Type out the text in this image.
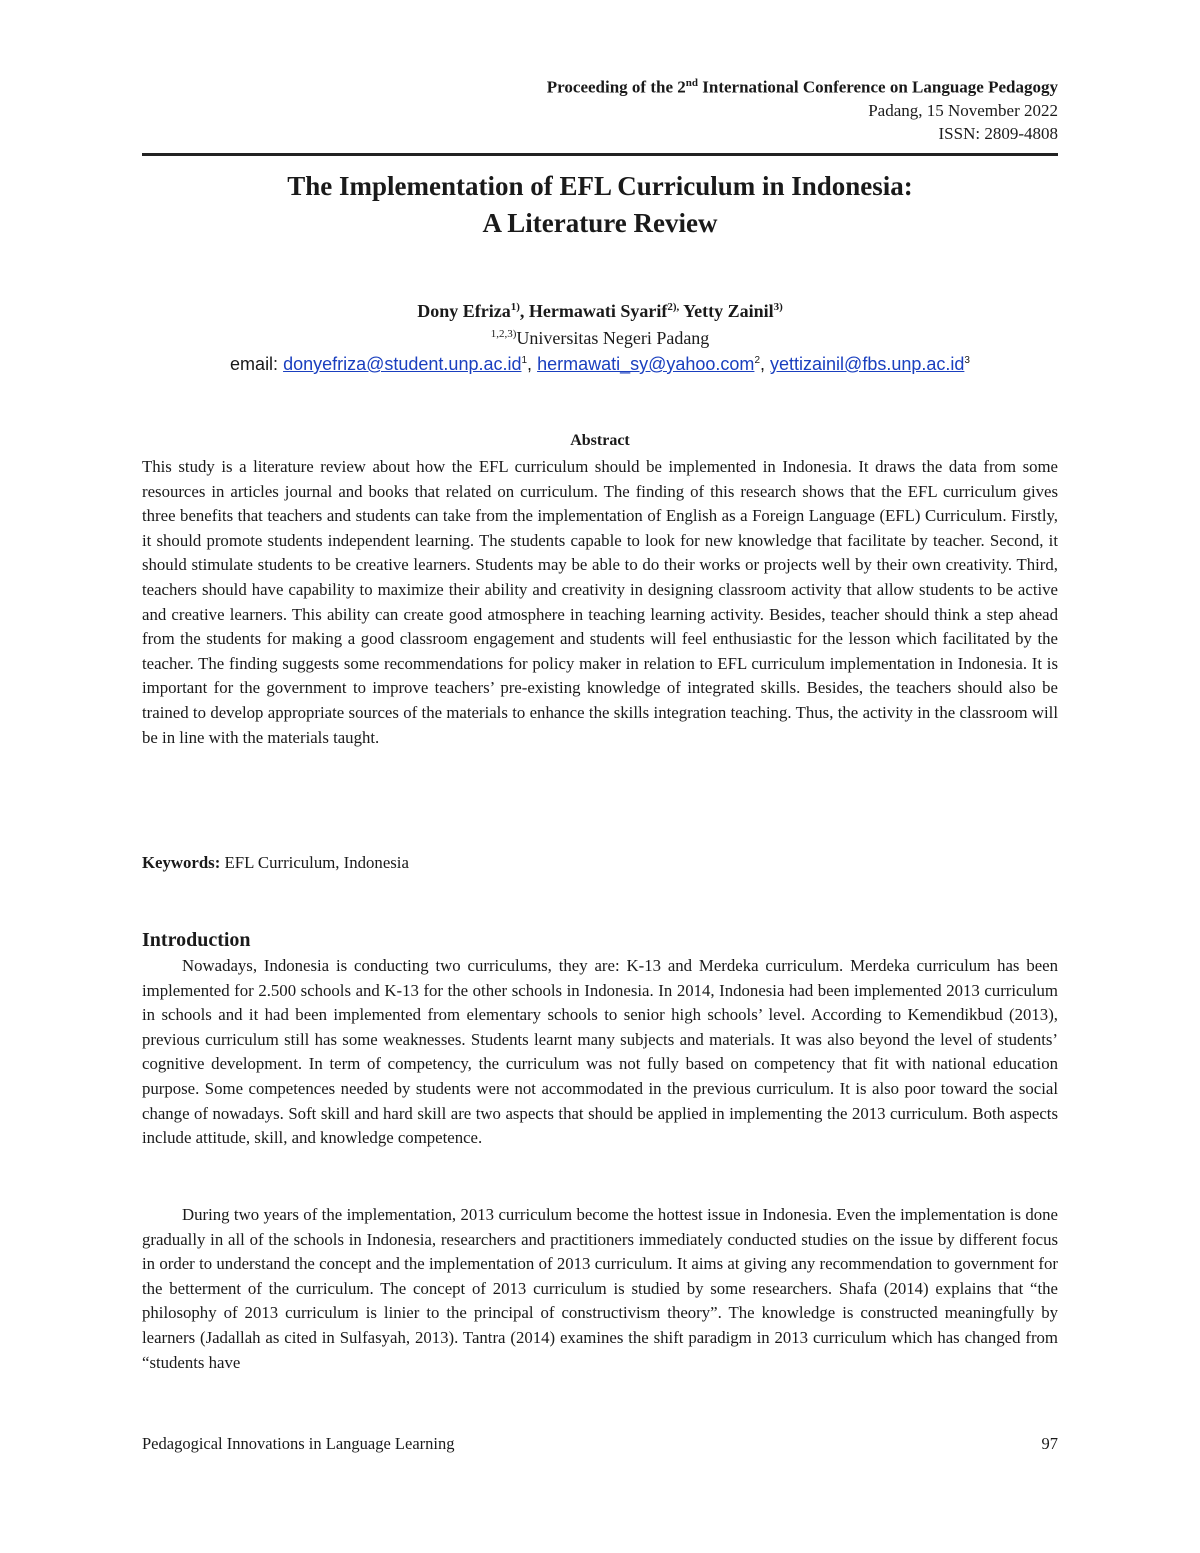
Proceeding of the 2nd International Conference on Language Pedagogy
Padang, 15 November 2022
ISSN: 2809-4808
The Implementation of EFL Curriculum in Indonesia:
A Literature Review
Dony Efriza$^{1)}$, Hermawati Syarif$^{2),}$ Yetty Zainil$^{3)}$
$^{1,2,3)}$Universitas Negeri Padang
email: $donyefriza@student.unp.ac.id^1$, hermawati_sy@yahoo.com$^2$, $yettizainil@fbs.unp.ac.id^3$
Abstract

This study is a literature review about how the EFL curriculum should be implemented in Indonesia. It draws the data from some resources in articles journal and books that related on curriculum. The finding of this research shows that the EFL curriculum gives three benefits that teachers and students can take from the implementation of English as a Foreign Language (EFL) Curriculum. Firstly, it should promote students independent learning. The students capable to look for new knowledge that facilitate by teacher. Second, it should stimulate students to be creative learners. Students may be able to do their works or projects well by their own creativity. Third, teachers should have capability to maximize their ability and creativity in designing classroom activity that allow students to be active and creative learners. This ability can create good atmosphere in teaching learning activity. Besides, teacher should think a step ahead from the students for making a good classroom engagement and students will feel enthusiastic for the lesson which facilitated by the teacher. The finding suggests some recommendations for policy maker in relation to EFL curriculum implementation in Indonesia. It is important for the government to improve teachers’ pre-existing knowledge of integrated skills. Besides, the teachers should also be trained to develop appropriate sources of the materials to enhance the skills integration teaching. Thus, the activity in the classroom will be in line with the materials taught.

Keywords: EFL Curriculum, Indonesia
Introduction

Nowadays, Indonesia is conducting two curriculums, they are: K-13 and Merdeka curriculum. Merdeka curriculum has been implemented for 2.500 schools and K-13 for the other schools in Indonesia. In 2014, Indonesia had been implemented 2013 curriculum in schools and it had been implemented from elementary schools to senior high schools’ level. According to Kemendikbud (2013), previous curriculum still has some weaknesses. Students learnt many subjects and materials. It was also beyond the level of students’ cognitive development. In term of competency, the curriculum was not fully based on competency that fit with national education purpose. Some competences needed by students were not accommodated in the previous curriculum. It is also poor toward the social change of nowadays. Soft skill and hard skill are two aspects that should be applied in implementing the 2013 curriculum. Both aspects include attitude, skill, and knowledge competence.

During two years of the implementation, 2013 curriculum become the hottest issue in Indonesia. Even the implementation is done gradually in all of the schools in Indonesia, researchers and practitioners immediately conducted studies on the issue by different focus in order to understand the concept and the implementation of 2013 curriculum. It aims at giving any recommendation to government for the betterment of the curriculum. The concept of 2013 curriculum is studied by some researchers. Shafa (2014) explains that “the philosophy of 2013 curriculum is linier to the principal of constructivism theory”. The knowledge is constructed meaningfully by learners (Jadallah as cited in Sulfasyah, 2013). Tantra (2014) examines the shift paradigm in 2013 curriculum which has changed from “students have

Pedagogical Innovations in Language Learning	97
